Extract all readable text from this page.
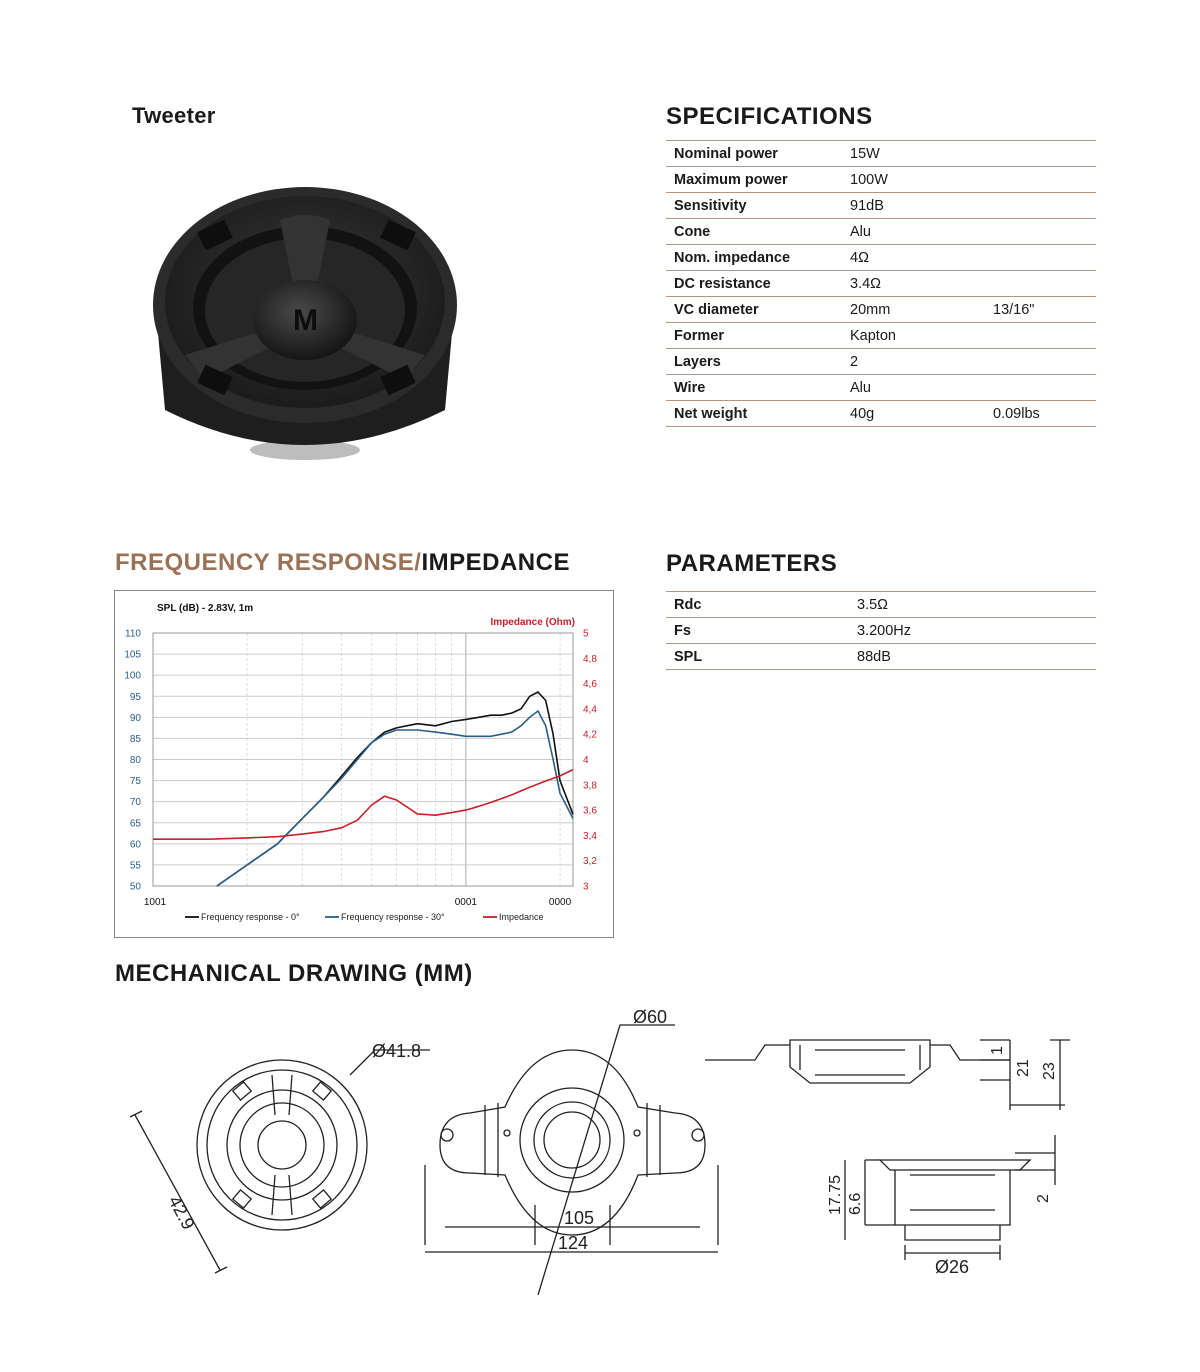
Tweeter	SPECIFICATIONS
M
Nominal power	15W	
Maximum power	100W	
Sensitivity	91dB	
Cone	Alu	
Nom. impedance	4Ω	
DC resistance	3.4Ω	
VC diameter	20mm	13/16"
Former	Kapton	
Layers	2	
Wire	Alu	
Net weight	40g	0.09lbs
FREQUENCY RESPONSE/IMPEDANCE	PARAMETERS
Rdc	3.5Ω
Fs	3.200Hz
SPL	88dB
SPL (dB) - 2.83V, 1m
Impedance (Ohm)
50
55
60
65
70
75
80
85
90
95
100
105
110
3
3,2
3,4
3,6
3,8
4
4,2
4,4
4,6
4,8
5
1001	0001	0000
Frequency response - 0°	Frequency response - 30°	Impedance
MECHANICAL DRAWING (MM)
Ø41.8
42.9
Ø60
105
124
1
21 23
17.75 6.6	2
Ø26
